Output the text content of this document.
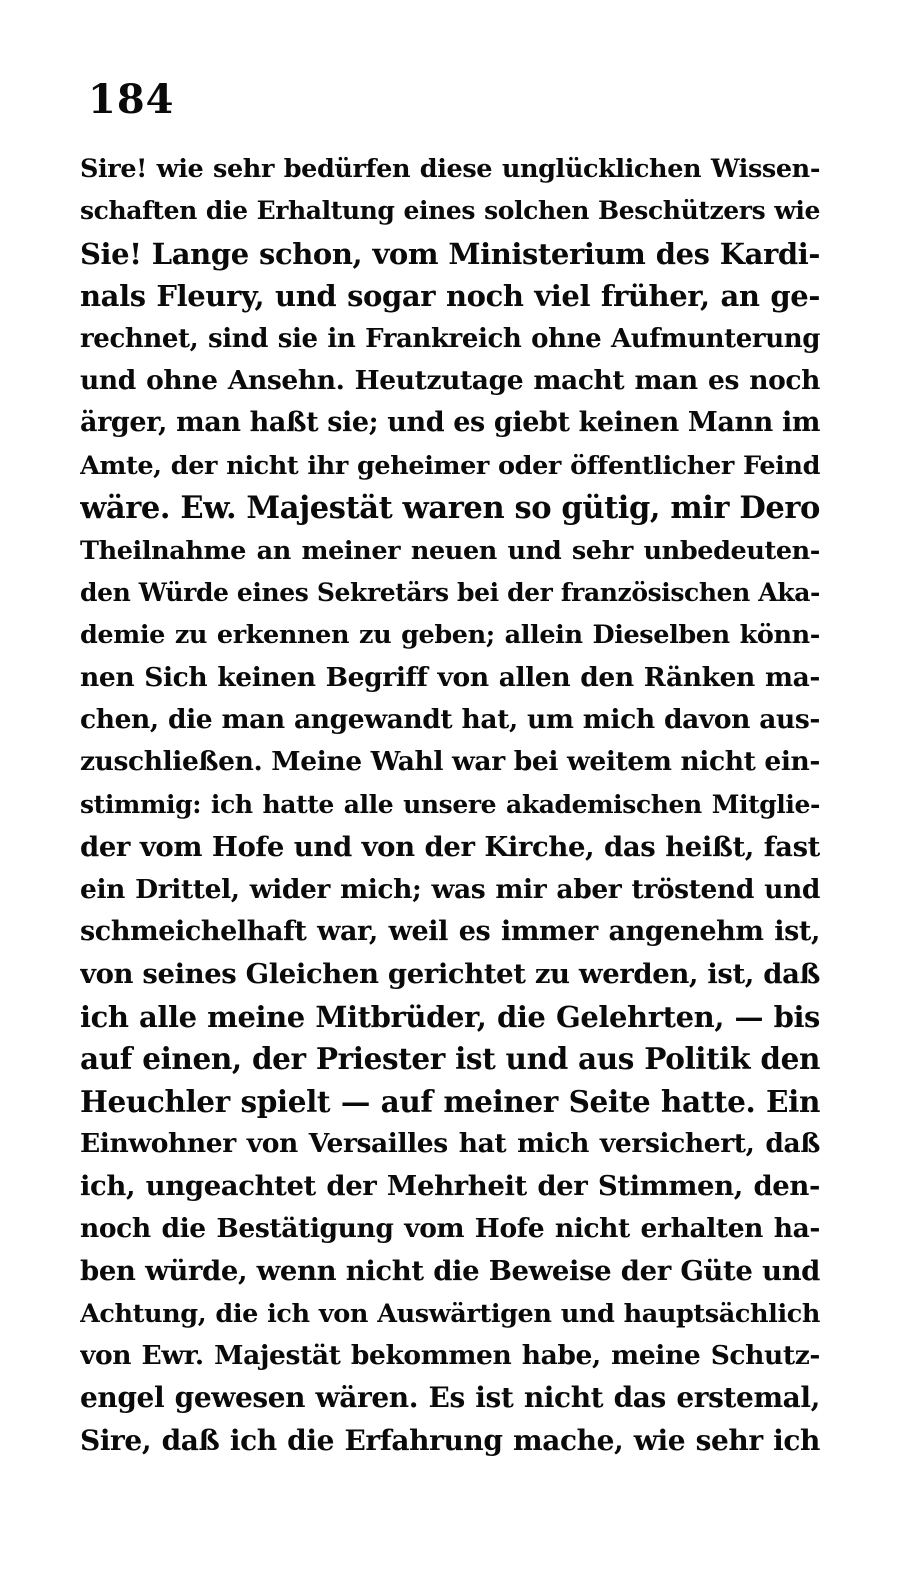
184
Sire! wie sehr bedürfen diese unglücklichen Wissen-
schaften die Erhaltung eines solchen Beschützers wie
Sie! Lange schon, vom Ministerium des Kardi-
nals Fleury, und sogar noch viel früher, an ge-
rechnet, sind sie in Frankreich ohne Aufmunterung
und ohne Ansehn. Heutzutage macht man es noch
ärger, man haßt sie; und es giebt keinen Mann im
Amte, der nicht ihr geheimer oder öffentlicher Feind
wäre. Ew. Majestät waren so gütig, mir Dero
Theilnahme an meiner neuen und sehr unbedeuten-
den Würde eines Sekretärs bei der französischen Aka-
demie zu erkennen zu geben; allein Dieselben könn-
nen Sich keinen Begriff von allen den Ränken ma-
chen, die man angewandt hat, um mich davon aus-
zuschließen. Meine Wahl war bei weitem nicht ein-
stimmig: ich hatte alle unsere akademischen Mitglie-
der vom Hofe und von der Kirche, das heißt, fast
ein Drittel, wider mich; was mir aber tröstend und
schmeichelhaft war, weil es immer angenehm ist,
von seines Gleichen gerichtet zu werden, ist, daß
ich alle meine Mitbrüder, die Gelehrten, — bis
auf einen, der Priester ist und aus Politik den
Heuchler spielt — auf meiner Seite hatte. Ein
Einwohner von Versailles hat mich versichert, daß
ich, ungeachtet der Mehrheit der Stimmen, den-
noch die Bestätigung vom Hofe nicht erhalten ha-
ben würde, wenn nicht die Beweise der Güte und
Achtung, die ich von Auswärtigen und hauptsächlich
von Ewr. Majestät bekommen habe, meine Schutz-
engel gewesen wären. Es ist nicht das erstemal,
Sire, daß ich die Erfahrung mache, wie sehr ich
